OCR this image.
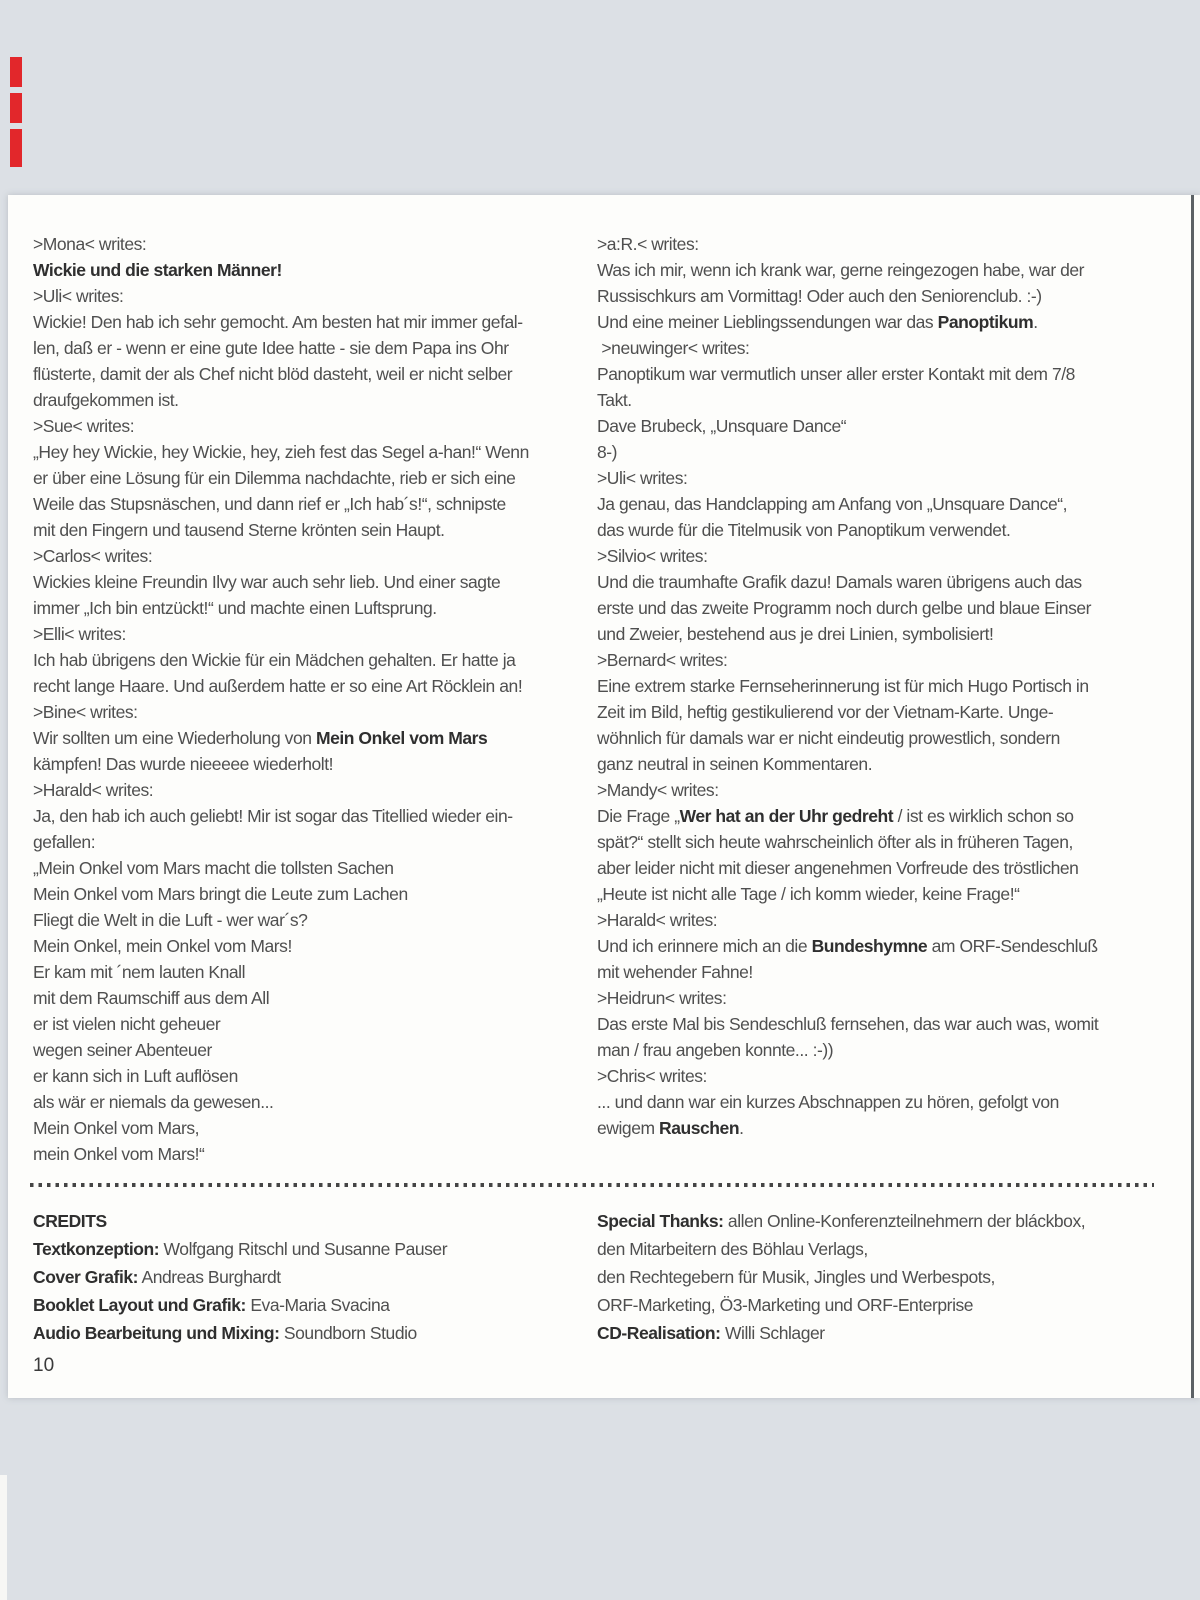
>Mona< writes:
Wickie und die starken Männer!
>Uli< writes:
Wickie! Den hab ich sehr gemocht. Am besten hat mir immer gefal-
len, daß er - wenn er eine gute Idee hatte - sie dem Papa ins Ohr
flüsterte, damit der als Chef nicht blöd dasteht, weil er nicht selber
draufgekommen ist.
>Sue< writes:
„Hey hey Wickie, hey Wickie, hey, zieh fest das Segel a-han!“ Wenn
er über eine Lösung für ein Dilemma nachdachte, rieb er sich eine
Weile das Stupsnäschen, und dann rief er „Ich hab´s!“, schnipste
mit den Fingern und tausend Sterne krönten sein Haupt.
>Carlos< writes:
Wickies kleine Freundin Ilvy war auch sehr lieb. Und einer sagte
immer „Ich bin entzückt!“ und machte einen Luftsprung.
>Elli< writes:
Ich hab übrigens den Wickie für ein Mädchen gehalten. Er hatte ja
recht lange Haare. Und außerdem hatte er so eine Art Röcklein an!
>Bine< writes:
Wir sollten um eine Wiederholung von Mein Onkel vom Mars
kämpfen! Das wurde nieeeee wiederholt!
>Harald< writes:
Ja, den hab ich auch geliebt! Mir ist sogar das Titellied wieder ein-
gefallen:
„Mein Onkel vom Mars macht die tollsten Sachen
Mein Onkel vom Mars bringt die Leute zum Lachen
Fliegt die Welt in die Luft - wer war´s?
Mein Onkel, mein Onkel vom Mars!
Er kam mit ´nem lauten Knall
mit dem Raumschiff aus dem All
er ist vielen nicht geheuer
wegen seiner Abenteuer
er kann sich in Luft auflösen
als wär er niemals da gewesen...
Mein Onkel vom Mars,
mein Onkel vom Mars!“
>a:R.< writes:
Was ich mir, wenn ich krank war, gerne reingezogen habe, war der
Russischkurs am Vormittag! Oder auch den Seniorenclub. :-)
Und eine meiner Lieblingssendungen war das Panoptikum.
>neuwinger< writes:
Panoptikum war vermutlich unser aller erster Kontakt mit dem 7/8
Takt.
Dave Brubeck, „Unsquare Dance“
8-)
>Uli< writes:
Ja genau, das Handclapping am Anfang von „Unsquare Dance“,
das wurde für die Titelmusik von Panoptikum verwendet.
>Silvio< writes:
Und die traumhafte Grafik dazu! Damals waren übrigens auch das
erste und das zweite Programm noch durch gelbe und blaue Einser
und Zweier, bestehend aus je drei Linien, symbolisiert!
>Bernard< writes:
Eine extrem starke Fernseherinnerung ist für mich Hugo Portisch in
Zeit im Bild, heftig gestikulierend vor der Vietnam-Karte. Unge-
wöhnlich für damals war er nicht eindeutig prowestlich, sondern
ganz neutral in seinen Kommentaren.
>Mandy< writes:
Die Frage „Wer hat an der Uhr gedreht / ist es wirklich schon so
spät?“ stellt sich heute wahrscheinlich öfter als in früheren Tagen,
aber leider nicht mit dieser angenehmen Vorfreude des tröstlichen
„Heute ist nicht alle Tage / ich komm wieder, keine Frage!“
>Harald< writes:
Und ich erinnere mich an die Bundeshymne am ORF-Sendeschluß
mit wehender Fahne!
>Heidrun< writes:
Das erste Mal bis Sendeschluß fernsehen, das war auch was, womit
man / frau angeben konnte... :-))
>Chris< writes:
... und dann war ein kurzes Abschnappen zu hören, gefolgt von
ewigem Rauschen.
CREDITS
Textkonzeption: Wolfgang Ritschl und Susanne Pauser
Cover Grafik: Andreas Burghardt
Booklet Layout und Grafik: Eva-Maria Svacina
Audio Bearbeitung und Mixing: Soundborn Studio
Special Thanks: allen Online-Konferenzteilnehmern der bláckbox,
den Mitarbeitern des Böhlau Verlags,
den Rechtegebern für Musik, Jingles und Werbespots,
ORF-Marketing, Ö3-Marketing und ORF-Enterprise
CD-Realisation: Willi Schlager
10
